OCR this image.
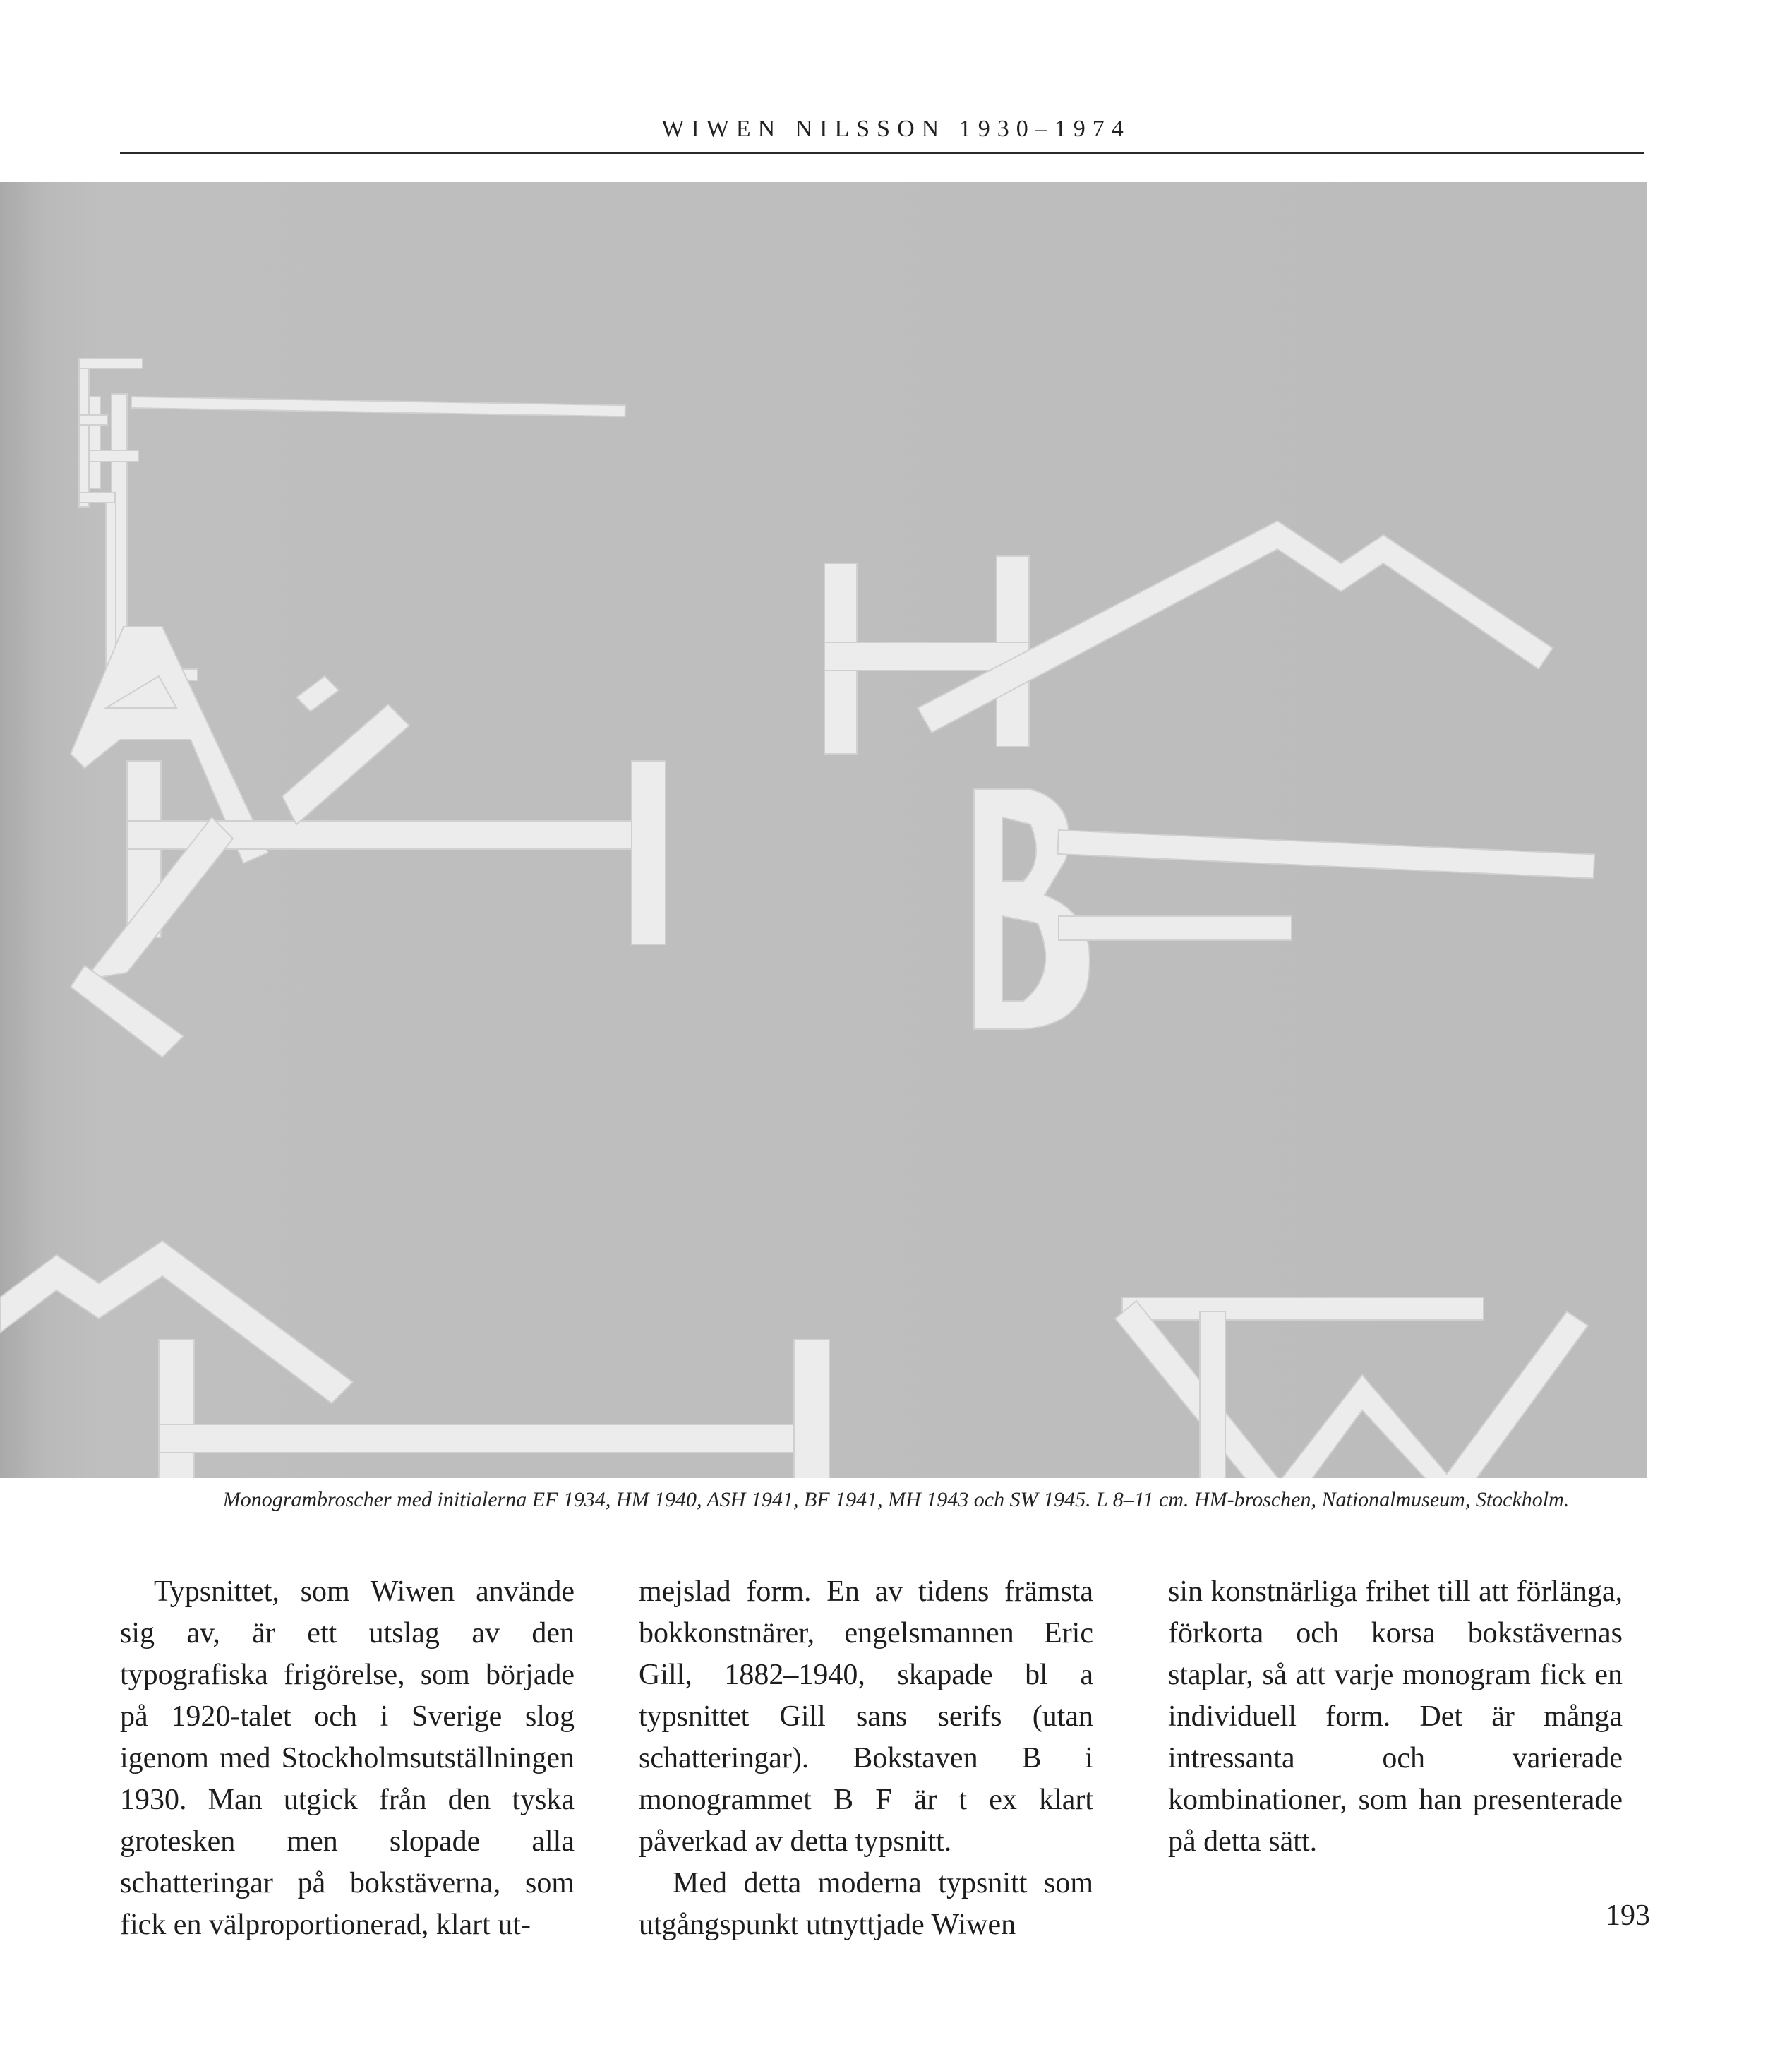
WIWEN NILSSON 1930–1974
Monogrambroscher med initialerna EF 1934, HM 1940, ASH 1941, BF 1941, MH 1943 och SW 1945. L 8–11 cm. HM-broschen, Nationalmuseum, Stockholm.

Typsnittet, som Wiwen använde sig av, är ett utslag av den typografiska frigörelse, som började på 1920-talet och i Sverige slog igenom med Stockholmsutställningen 1930. Man utgick från den tyska grotesken men slopade alla schatteringar på bokstäverna, som fick en välproportionerad, klart ut-

mejslad form. En av tidens främsta bokkonstnärer, engelsmannen Eric Gill, 1882–1940, skapade bl a typsnittet Gill sans serifs (utan schatteringar). Bokstaven B i monogrammet B F är t ex klart påverkad av detta typsnitt.

Med detta moderna typsnitt som utgångspunkt utnyttjade Wiwen

sin konstnärliga frihet till att förlänga, förkorta och korsa bokstävernas staplar, så att varje monogram fick en individuell form. Det är många intressanta och varierade kombinationer, som han presenterade på detta sätt.

193
